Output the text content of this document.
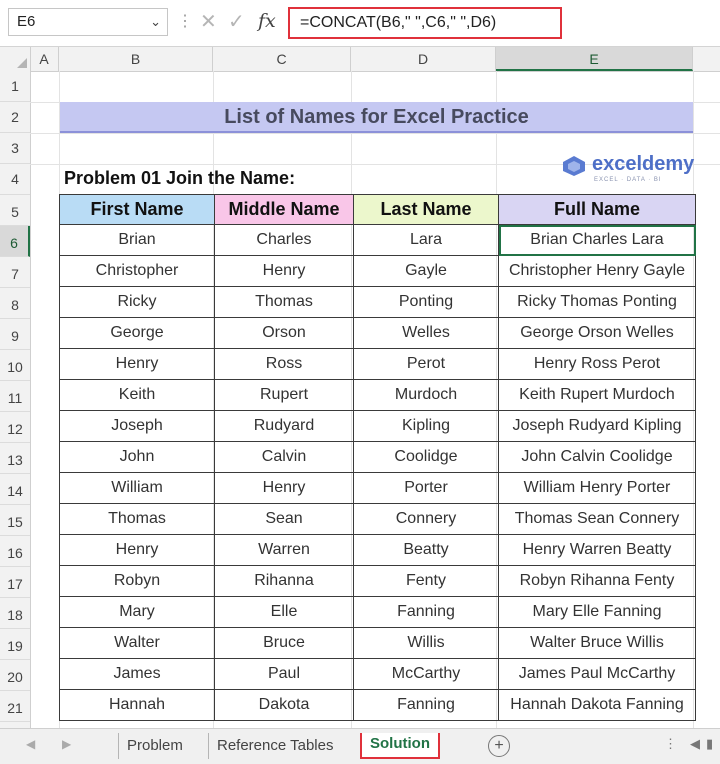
E6	⌄ ⋮ ✕ ✓ fx	=CONCAT(B6," ",C6," ",D6)
A	B	C	D	E
1
2
3
4
5
6
7
8
9
10
11
12
13
14
15
16
17
18
19
20
21
List of Names for Excel Practice
Problem 01 Join the Name:
exceldemy
EXCEL · DATA · BI
First Name	Middle Name	Last Name	Full Name
Brian	Charles	Lara	Brian Charles Lara
Christopher	Henry	Gayle	Christopher Henry Gayle
Ricky	Thomas	Ponting	Ricky Thomas Ponting
George	Orson	Welles	George Orson Welles
Henry	Ross	Perot	Henry Ross Perot
Keith	Rupert	Murdoch	Keith Rupert Murdoch
Joseph	Rudyard	Kipling	Joseph Rudyard Kipling
John	Calvin	Coolidge	John Calvin Coolidge
William	Henry	Porter	William Henry Porter
Thomas	Sean	Connery	Thomas Sean Connery
Henry	Warren	Beatty	Henry Warren Beatty
Robyn	Rihanna	Fenty	Robyn Rihanna Fenty
Mary	Elle	Fanning	Mary Elle Fanning
Walter	Bruce	Willis	Walter Bruce Willis
James	Paul	McCarthy	James Paul McCarthy
Hannah	Dakota	Fanning	Hannah Dakota Fanning
◀ ▶	Problem	Reference Tables	Solution	+	⋮ ◀ ▮
